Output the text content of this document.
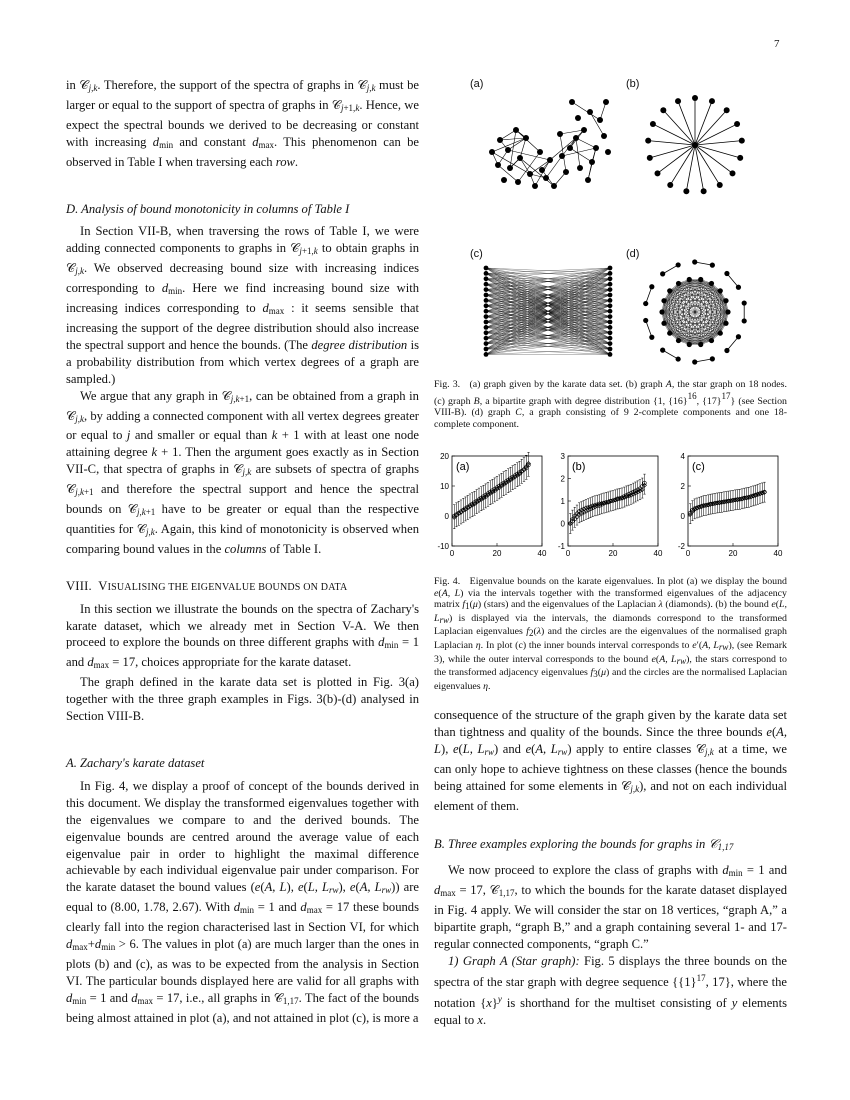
7

in 𝒞$_{j,k}$. Therefore, the support of the spectra of graphs in 𝒞$_{j,k}$ must be larger or equal to the support of spectra of graphs in 𝒞$_{j+1,k}$. Hence, we expect the spectral bounds we derived to be decreasing or constant with increasing $d_{min}$ and constant $d_{max}$. This phenomenon can be observed in Table I when traversing each row.

D. Analysis of bound monotonicity in columns of Table I

In Section VII-B, when traversing the rows of Table I, we were adding connected components to graphs in 𝒞$_{j+1,k}$ to obtain graphs in 𝒞$_{j,k}$. We observed decreasing bound size with increasing indices corresponding to $d_{min}$. Here we find increasing bound size with increasing indices corresponding to $d_{max}$ : it seems sensible that increasing the support of the degree distribution should also increase the spectral support and hence the bounds. (The degree distribution is a probability distribution from which vertex degrees of a graph are sampled.)

We argue that any graph in 𝒞$_{j,k+1}$, can be obtained from a graph in 𝒞$_{j,k}$, by adding a connected component with all vertex degrees greater or equal to j and smaller or equal than k + 1 with at least one node attaining degree k + 1. Then the argument goes exactly as in Section VII-C, that spectra of graphs in 𝒞$_{j,k}$ are subsets of spectra of graphs 𝒞$_{j,k+1}$ and therefore the spectral support and hence the spectral bounds on 𝒞$_{j,k+1}$ have to be greater or equal than the respective quantities for 𝒞$_{j,k}$. Again, this kind of monotonicity is observed when comparing bound values in the columns of Table I.

VIII.  VISUALISING THE EIGENVALUE BOUNDS ON DATA

In this section we illustrate the bounds on the spectra of Zachary's karate dataset, which we already met in Section V-A. We then proceed to explore the bounds on three different graphs with $d_{min} = 1$ and $d_{max} = 17$, choices appropriate for the karate dataset.

The graph defined in the karate data set is plotted in Fig. 3(a) together with the three graph examples in Figs. 3(b)-(d) analysed in Section VIII-B.

A. Zachary's karate dataset

In Fig. 4, we display a proof of concept of the bounds derived in this document. We display the transformed eigenvalues together with the eigenvalues we compare to and the derived bounds. The eigenvalue bounds are centred around the average value of each eigenvalue pair in order to highlight the maximal difference achievable by each individual eigenvalue pair under comparison. For the karate dataset the bound values (e(A, L), e(L, $L_{rw}$), e(A, $L_{rw}$)) are equal to (8.00, 1.78, 2.67). With $d_{min} = 1$ and $d_{max} = 17$ these bounds clearly fall into the region characterised last in Section VI, for which $d_{max}+d_{min} > 6$. The values in plot (a) are much larger than the ones in plots (b) and (c), as was to be expected from the analysis in Section VI. The particular bounds displayed here are valid for all graphs with $d_{min} = 1$ and $d_{max} = 17$, i.e., all graphs in 𝒞$_{1,17}$. The fact of the bounds being almost attained in plot (a), and not attained in plot (c), is more a

consequence of the structure of the graph given by the karate data set than tightness and quality of the bounds. Since the three bounds e(A, L), e(L, $L_{rw}$) and e(A, $L_{rw}$) apply to entire classes 𝒞$_{j,k}$ at a time, we can only hope to achieve tightness on these classes (hence the bounds being attained for some elements in 𝒞$_{j,k}$), and not on each individual element of them.

B. Three examples exploring the bounds for graphs in 𝒞$_{1,17}$

We now proceed to explore the class of graphs with $d_{min} = 1$ and $d_{max} = 17$, 𝒞$_{1,17}$, to which the bounds for the karate dataset displayed in Fig. 4 apply. We will consider the star on 18 vertices, “graph A,” a bipartite graph, “graph B,” and a graph containing several 1- and 17-regular connected components, “graph C.”

1) Graph A (Star graph): Fig. 5 displays the three bounds on the spectra of the star graph with degree sequence {$\{1\}^{17}$, 17}, where the notation $\{x\}^y$ is shorthand for the multiset consisting of y elements equal to x.

(a)	(b)
(c)	(d)
Fig. 3.   (a) graph given by the karate data set. (b) graph A, the star graph on 18 nodes. (c) graph B, a bipartite graph with degree distribution {1, {16}16, {17}17} (see Section VIII-B). (d) graph C, a graph consisting of 9 2-complete components and one 18-complete component.
(a)
0	20	40
-10
0
10
20
(b)
0	20	40
-1
0
1
2
3
(c)
0	20	40
-2
0
2
4
Fig. 4.   Eigenvalue bounds on the karate eigenvalues. In plot (a) we display the bound e(A, L) via the intervals together with the transformed eigenvalues of the adjacency matrix f1(μ) (stars) and the eigenvalues of the Laplacian λ (diamonds). (b) the bound e(L, Lrw) is displayed via the intervals, the diamonds correspond to the transformed Laplacian eigenvalues f2(λ) and the circles are the eigenvalues of the normalised graph Laplacian η. In plot (c) the inner bounds interval corresponds to e′(A, Lrw), (see Remark 3), while the outer interval corresponds to the bound e(A, Lrw), the stars correspond to the transformed adjacency eigenvalues f3(μ) and the circles are the normalised Laplacian eigenvalues η.
